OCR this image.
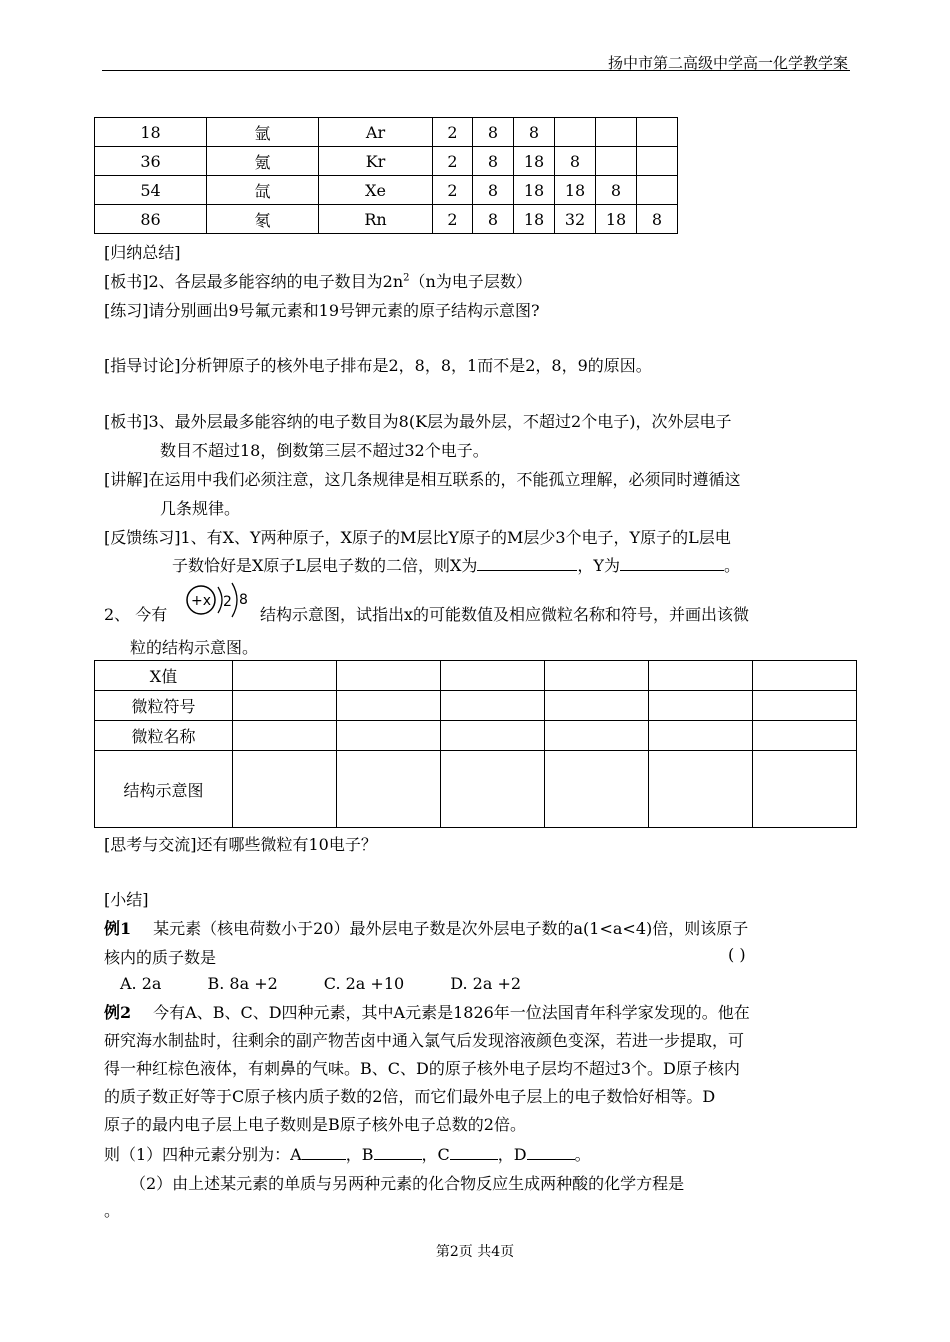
扬中市第二高级中学高一化学教学案
18	氩	Ar	2	8	8			
36	氪	Kr	2	8	18	8		
54	氙	Xe	2	8	18	18	8	
86	氡	Rn	2	8	18	32	18	8
[归纳总结]
[板书]2、各层最多能容纳的电子数目为$2n^2(n$为电子层数）
[练习]请分别画出9号氟元素和19号钾元素的原子结构示意图?
[指导讨论]分析钾原子的核外电子排布是2，8，8，1而不是2，8，9的原因。
[板书]3、最外层最多能容纳的电子数目为8(K层为最外层，不超过2个电子)，次外层电子
数目不超过18，倒数第三层不超过32个电子。
[讲解]在运用中我们必须注意，这几条规律是相互联系的，不能孤立理解，必须同时遵循这
几条规律。
[反馈练习]1、有X、Y两种原子，X原子的M层比Y原子的M层少3个电子，Y原子的L层电
子数恰好是X原子L层电子数的二倍，则X为	，Y为	。
2、 今有
+x 2 8
结构示意图，试指出x的可能数值及相应微粒名称和符号，并画出该微
粒的结构示意图。
X值						
微粒符号						
微粒名称						
结构示意图						
[思考与交流]还有哪些微粒有10电子？
[小结]
例1 某元素（核电荷数小于20）最外层电子数是次外层电子数的a(1<a<4)倍，则该原子
核内的质子数是	( )
A. 2a	B. 8a +2	C. 2a +10	D. 2a +2
例2 今有A、B、C、D四种元素，其中A元素是1826年一位法国青年科学家发现的。他在
研究海水制盐时，往剩余的副产物苦卤中通入氯气后发现溶液颜色变深，若进一步提取，可
得一种红棕色液体，有刺鼻的气味。B、C、D的原子核外电子层均不超过3个。D原子核内
的质子数正好等于C原子核内质子数的2倍，而它们最外电子层上的电子数恰好相等。D
原子的最内电子层上电子数则是B原子核外电子总数的2倍。
则（1）四种元素分别为：A	，B	，C	，D	。
（2）由上述某元素的单质与另两种元素的化合物反应生成两种酸的化学方程是
。
第2页 共4页
